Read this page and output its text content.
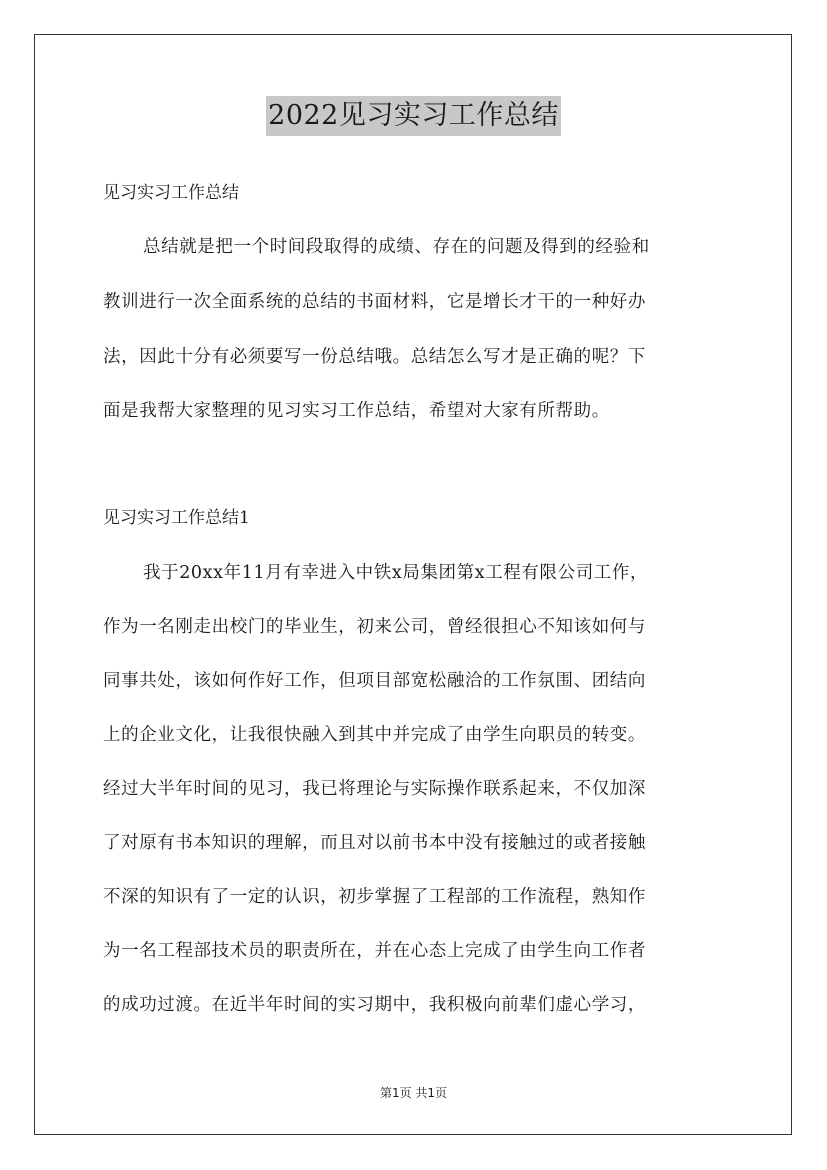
2022见习实习工作总结
见习实习工作总结
总结就是把一个时间段取得的成绩、存在的问题及得到的经验和
教训进行一次全面系统的总结的书面材料，它是增长才干的一种好办
法，因此十分有必须要写一份总结哦。总结怎么写才是正确的呢？下
面是我帮大家整理的见习实习工作总结，希望对大家有所帮助。
见习实习工作总结1
我于20xx年11月有幸进入中铁x局集团第x工程有限公司工作，
作为一名刚走出校门的毕业生，初来公司，曾经很担心不知该如何与
同事共处，该如何作好工作，但项目部宽松融洽的工作氛围、团结向
上的企业文化，让我很快融入到其中并完成了由学生向职员的转变。
经过大半年时间的见习，我已将理论与实际操作联系起来，不仅加深
了对原有书本知识的理解，而且对以前书本中没有接触过的或者接触
不深的知识有了一定的认识，初步掌握了工程部的工作流程，熟知作
为一名工程部技术员的职责所在，并在心态上完成了由学生向工作者
的成功过渡。在近半年时间的实习期中，我积极向前辈们虚心学习，
第1页 共1页
